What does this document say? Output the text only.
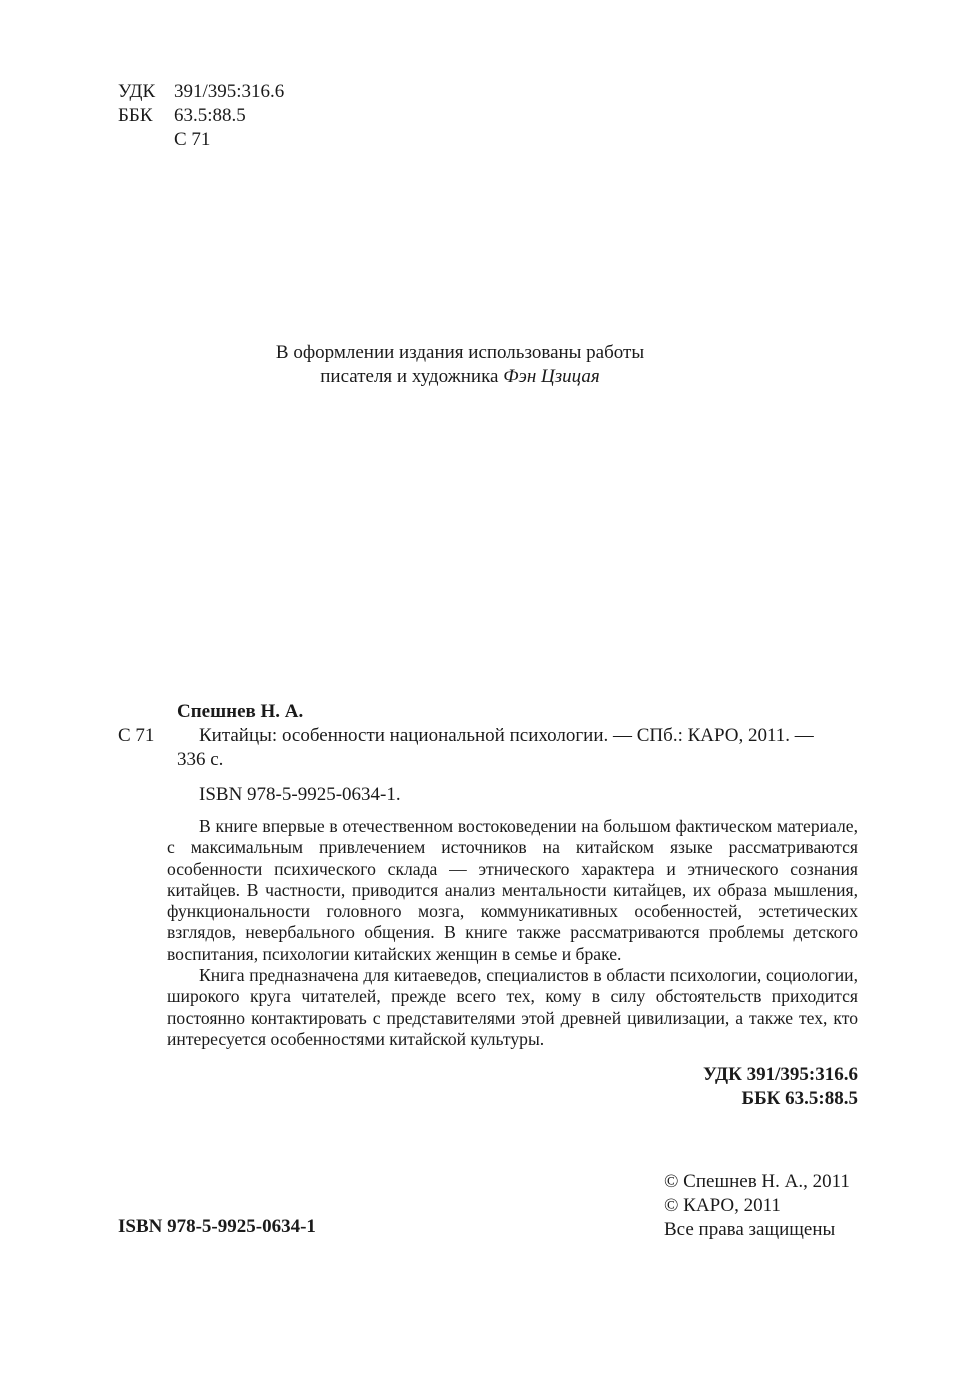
УДК 391/395:316.6
ББК 63.5:88.5
С 71
В оформлении издания использованы работы
писателя и художника Фэн Цзицая
Спешнев Н. А.
С 71 Китайцы: особенности национальной психологии. — СПб.: КАРО, 2011. —
336 с.
ISBN 978-5-9925-0634-1.

В книге впервые в отечественном востоковедении на большом фактическом материале, с максимальным привлечением источников на китайском языке рассматриваются особенности психического склада — этнического характера и этнического сознания китайцев. В частности, приводится анализ ментальности китайцев, их образа мышления, функциональности головного мозга, коммуникативных особенностей, эстетических взглядов, невербального общения. В книге также рассматриваются проблемы детского воспитания, психологии китайских женщин в семье и браке.

Книга предназначена для китаеведов, специалистов в области психологии, социологии, широкого круга читателей, прежде всего тех, кому в силу обстоятельств приходится постоянно контактировать с представителями этой древней цивилизации, а также тех, кто интересуется особенностями китайской культуры.

УДК 391/395:316.6
ББК 63.5:88.5
© Спешнев Н. А., 2011
© КАРО, 2011
Все права защищены
ISBN 978-5-9925-0634-1
